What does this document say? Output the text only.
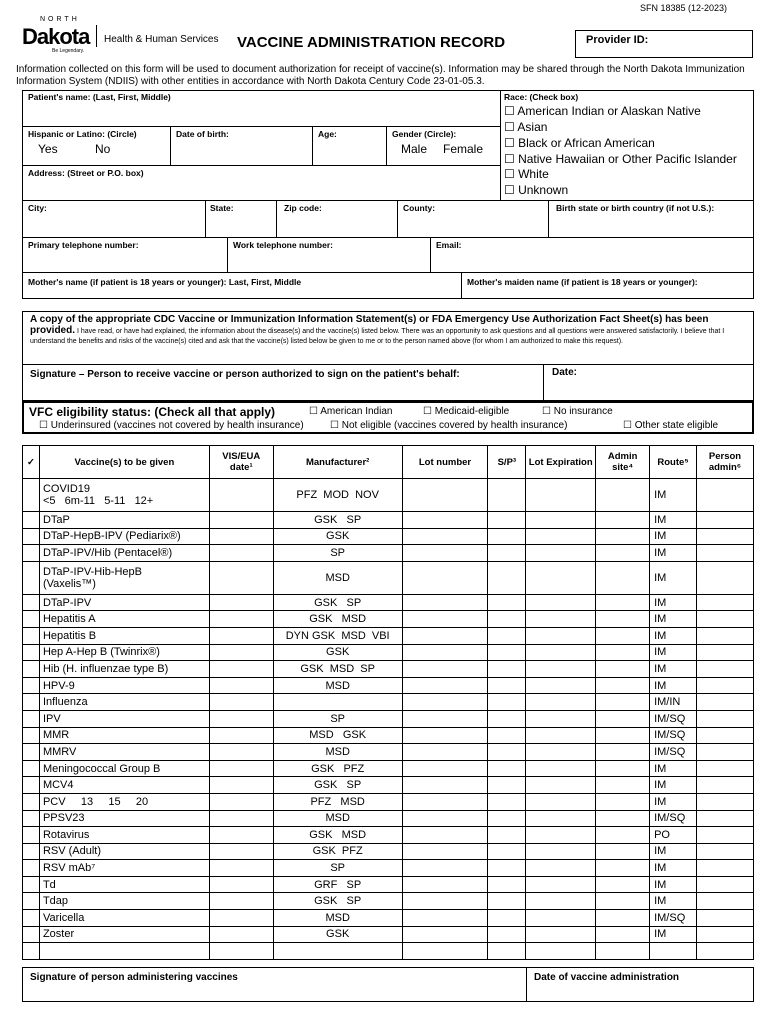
SFN 18385 (12-2023)
NORTH
Dakota
Be Legendary.
Health & Human Services VACCINE ADMINISTRATION RECORD	Provider ID:
Information collected on this form will be used to document authorization for receipt of vaccine(s). Information may be shared through the North Dakota Immunization Information System (NDIIS) with other entities in accordance with North Dakota Century Code 23-01-05.3.
Patient's name: (Last, First, Middle)
Hispanic or Latino: (Circle)
Yes	No
Date of birth:	Age:	Gender (Circle):
Male Female
Address: (Street or P.O. box)
Race: (Check box)
☐ American Indian or Alaskan Native
☐ Asian
☐ Black or African American
☐ Native Hawaiian or Other Pacific Islander
☐ White
☐ Unknown
City:	State:	Zip code:	County:	Birth state or birth country (if not U.S.):
Primary telephone number:	Work telephone number:	Email:
Mother's name (if patient is 18 years or younger): Last, First, Middle	Mother's maiden name (if patient is 18 years or younger):
A copy of the appropriate CDC Vaccine or Immunization Information Statement(s) or FDA Emergency Use Authorization Fact Sheet(s) has been provided. I have read, or have had explained, the information about the disease(s) and the vaccine(s) listed below. There was an opportunity to ask questions and all questions were answered satisfactorily. I believe that I understand the benefits and risks of the vaccine(s) cited and ask that the vaccine(s) listed below be given to me or to the person named above (for whom I am authorized to make this request).
Signature – Person to receive vaccine or person authorized to sign on the patient's behalf:	Date:
VFC eligibility status: (Check all that apply)	☐ American Indian	☐ Medicaid-eligible	☐ No insurance
☐ Underinsured (vaccines not covered by health insurance)	☐ Not eligible (vaccines covered by health insurance)	☐ Other state eligible
✓	Vaccine(s) to be given	VIS/EUA date¹	Manufacturer²	Lot number	S/P³	Lot Expiration	Admin site⁴	Route⁵	Person admin⁶

	COVID19
<5   6m-11   5-11   12+		PFZ  MOD  NOV					IM	

	DTaP		GSK   SP					IM	

	DTaP-HepB-IPV (Pediarix®)		GSK					IM	

	DTaP-IPV/Hib (Pentacel®)		SP					IM	

	DTaP-IPV-Hib-HepB
(Vaxelis™)		MSD					IM	

	DTaP-IPV		GSK   SP					IM	

	Hepatitis A		GSK   MSD					IM	

	Hepatitis B		DYN GSK  MSD  VBI					IM	

	Hep A-Hep B (Twinrix®)		GSK					IM	

	Hib (H. influenzae type B)		GSK  MSD  SP					IM	

	HPV-9		MSD					IM	

	Influenza							IM/IN	

	IPV		SP					IM/SQ	

	MMR		MSD   GSK					IM/SQ	

	MMRV		MSD					IM/SQ	

	Meningococcal Group B		GSK   PFZ					IM	

	MCV4		GSK   SP					IM	

	PCV     13     15     20		PFZ   MSD					IM	

	PPSV23		MSD					IM/SQ	

	Rotavirus		GSK   MSD					PO	

	RSV (Adult)		GSK  PFZ					IM	

	RSV mAb⁷		SP					IM	

	Td		GRF   SP					IM	

	Tdap		GSK   SP					IM	

	Varicella		MSD					IM/SQ	

	Zoster		GSK					IM	

Signature of person administering vaccines	Date of vaccine administration
